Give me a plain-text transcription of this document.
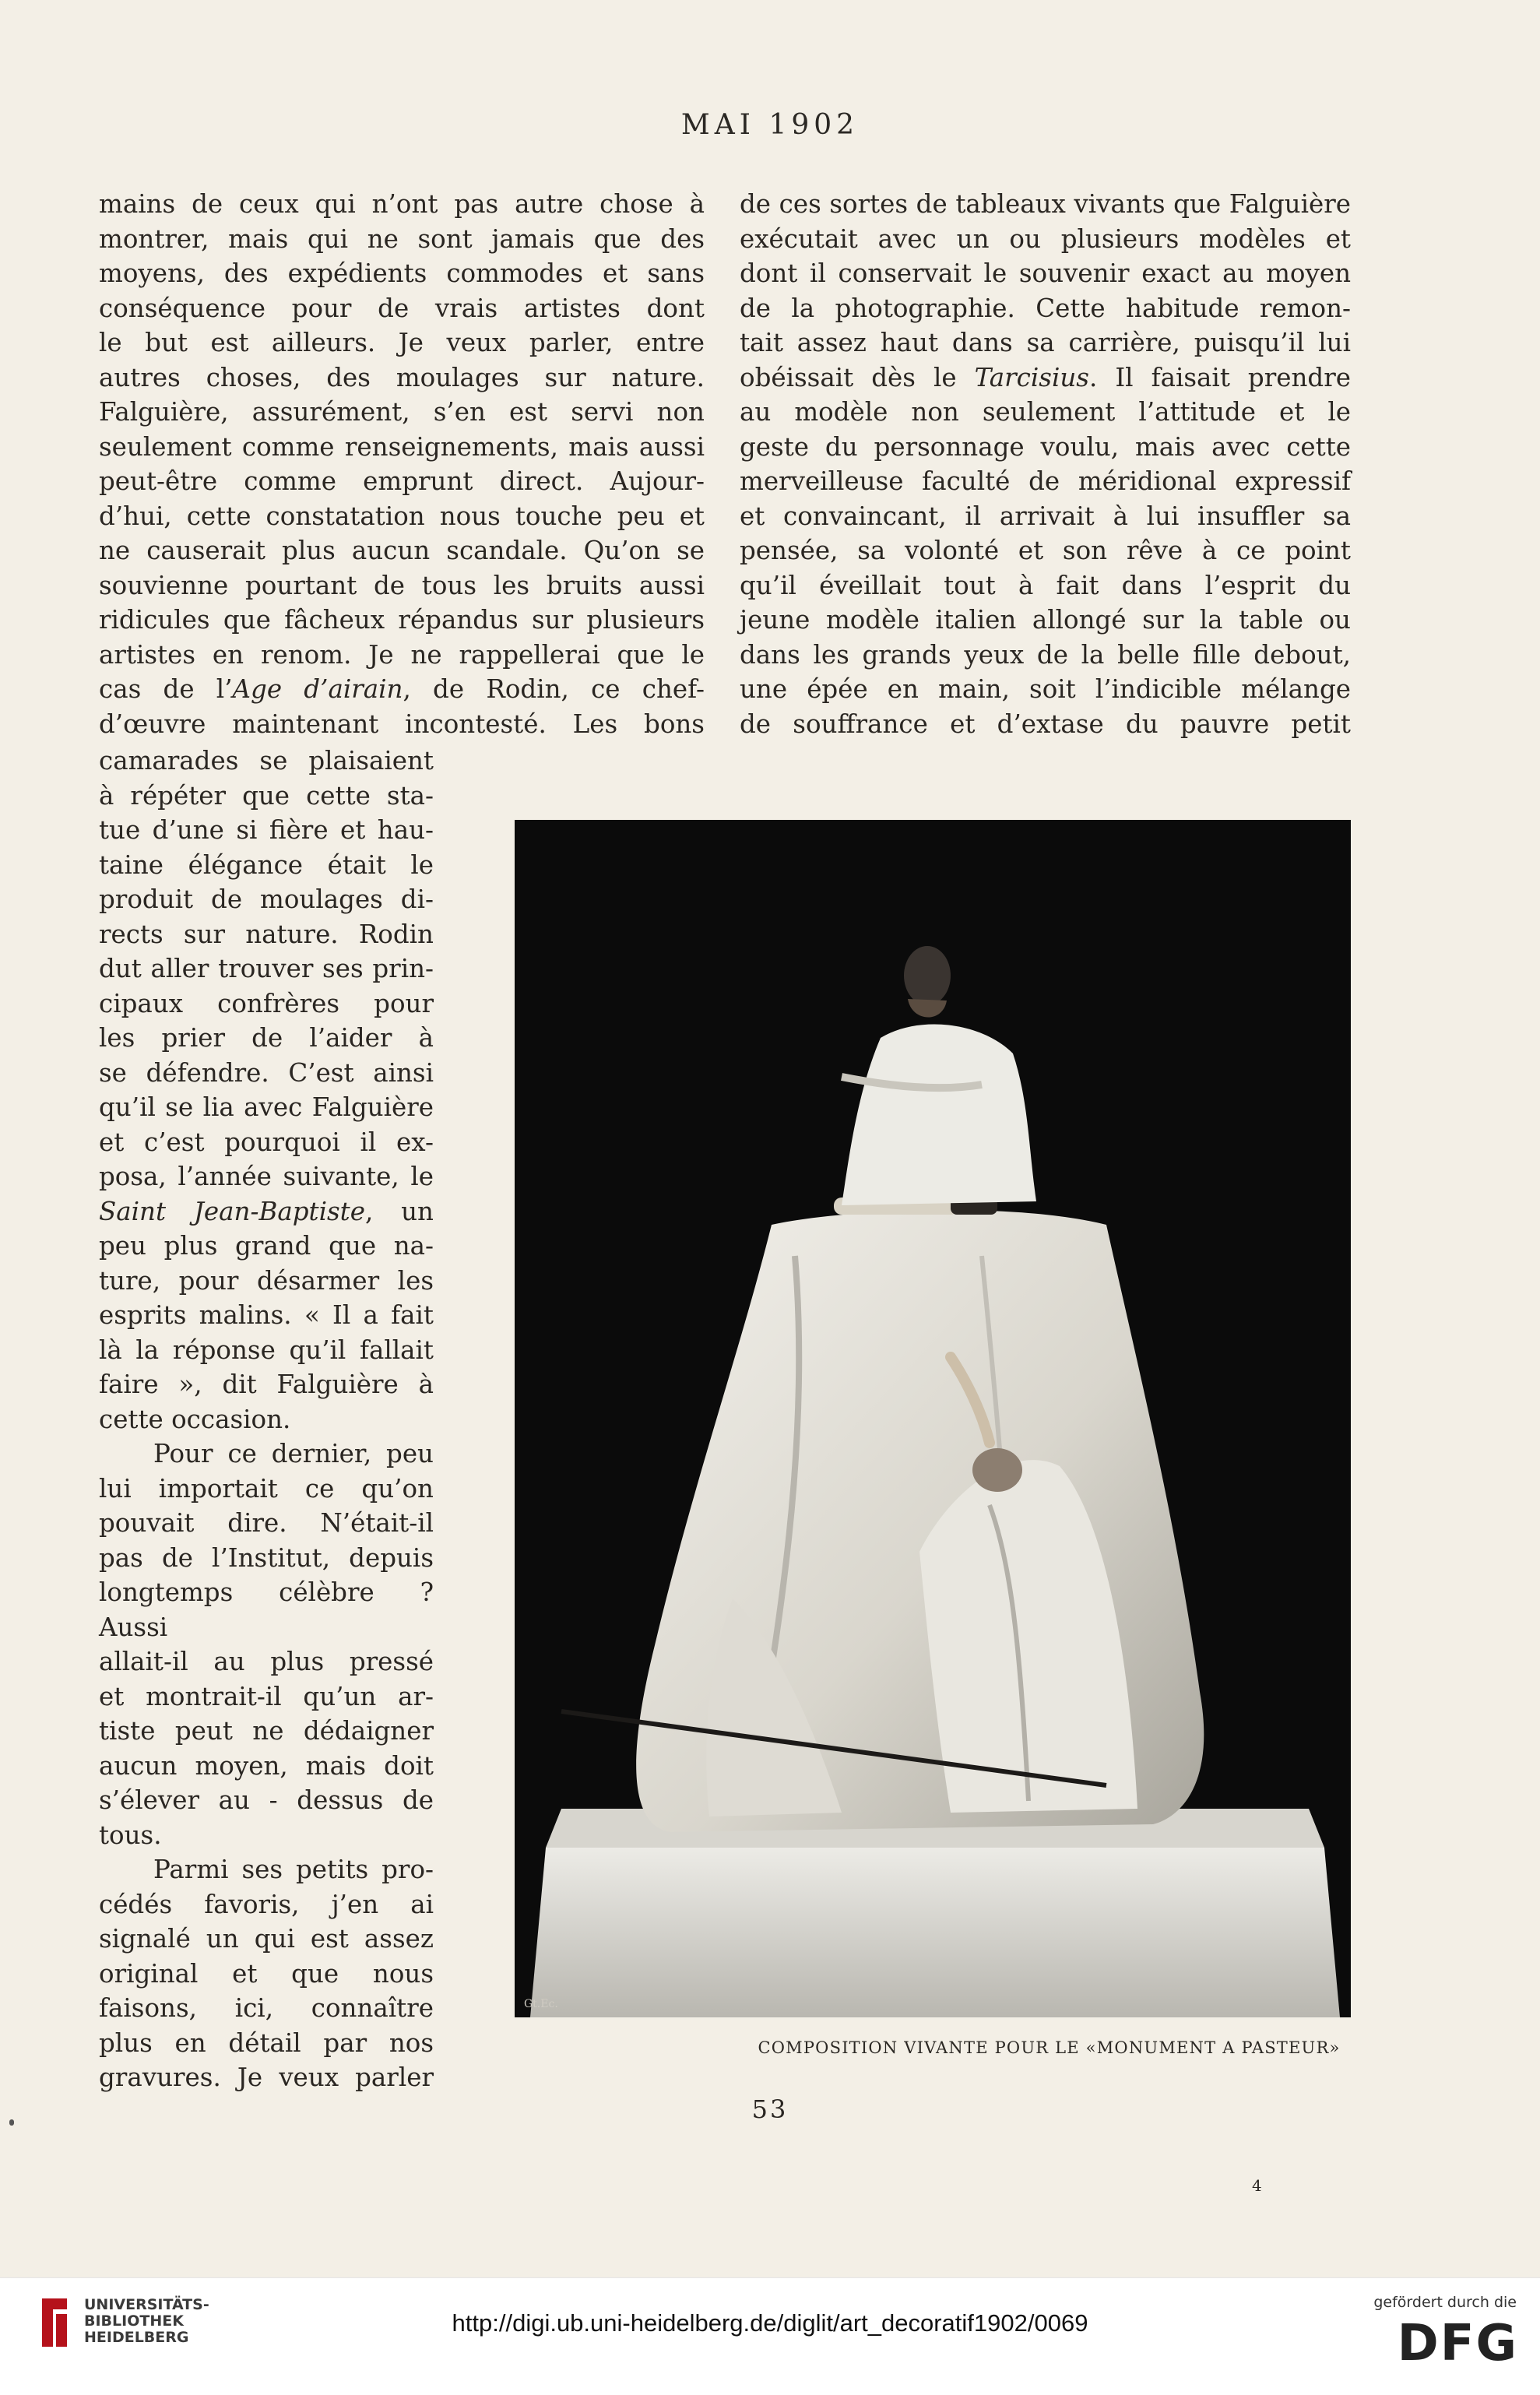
MAI 1902
mains de ceux qui n’ont pas autre chose à
montrer, mais qui ne sont jamais que des
moyens, des expédients commodes et sans
conséquence pour de vrais artistes dont
le but est ailleurs. Je veux parler, entre
autres choses, des moulages sur nature.
Falguière, assurément, s’en est servi non
seulement comme renseignements, mais aussi
peut-être comme emprunt direct. Aujour-
d’hui, cette constatation nous touche peu et
ne causerait plus aucun scandale. Qu’on se
souvienne pourtant de tous les bruits aussi
ridicules que fâcheux répandus sur plusieurs
artistes en renom. Je ne rappellerai que le
cas de l’Age d’airain, de Rodin, ce chef-
d’œuvre maintenant incontesté. Les bons
camarades se plaisaient
à répéter que cette sta-
tue d’une si fière et hau-
taine élégance était le
produit de moulages di-
rects sur nature. Rodin
dut aller trouver ses prin-
cipaux confrères pour
les prier de l’aider à
se défendre. C’est ainsi
qu’il se lia avec Falguière
et c’est pourquoi il ex-
posa, l’année suivante, le
Saint Jean-Baptiste, un
peu plus grand que na-
ture, pour désarmer les
esprits malins. « Il a fait
là la réponse qu’il fallait
faire », dit Falguière à
cette occasion.
Pour ce dernier, peu
lui importait ce qu’on
pouvait dire. N’était-il
pas de l’Institut, depuis
longtemps célèbre ? Aussi
allait-il au plus pressé
et montrait-il qu’un ar-
tiste peut ne dédaigner
aucun moyen, mais doit
s’élever au - dessus de
tous.
Parmi ses petits pro-
cédés favoris, j’en ai
signalé un qui est assez
original et que nous
faisons, ici, connaître
plus en détail par nos
gravures. Je veux parler
de ces sortes de tableaux vivants que Falguière
exécutait avec un ou plusieurs modèles et
dont il conservait le souvenir exact au moyen
de la photographie. Cette habitude remon-
tait assez haut dans sa carrière, puisqu’il lui
obéissait dès le Tarcisius. Il faisait prendre
au modèle non seulement l’attitude et le
geste du personnage voulu, mais avec cette
merveilleuse faculté de méridional expressif
et convaincant, il arrivait à lui insuffler sa
pensée, sa volonté et son rêve à ce point
qu’il éveillait tout à fait dans l’esprit du
jeune modèle italien allongé sur la table ou
dans les grands yeux de la belle fille debout,
une épée en main, soit l’indicible mélange
de souffrance et d’extase du pauvre petit
Gt.Ec.
COMPOSITION VIVANTE POUR LE «MONUMENT A PASTEUR»
53
4
UNIVERSITÄTS-
BIBLIOTHEK
HEIDELBERG
http://digi.ub.uni-heidelberg.de/diglit/art_decoratif1902/0069
gefördert durch die
DFG
